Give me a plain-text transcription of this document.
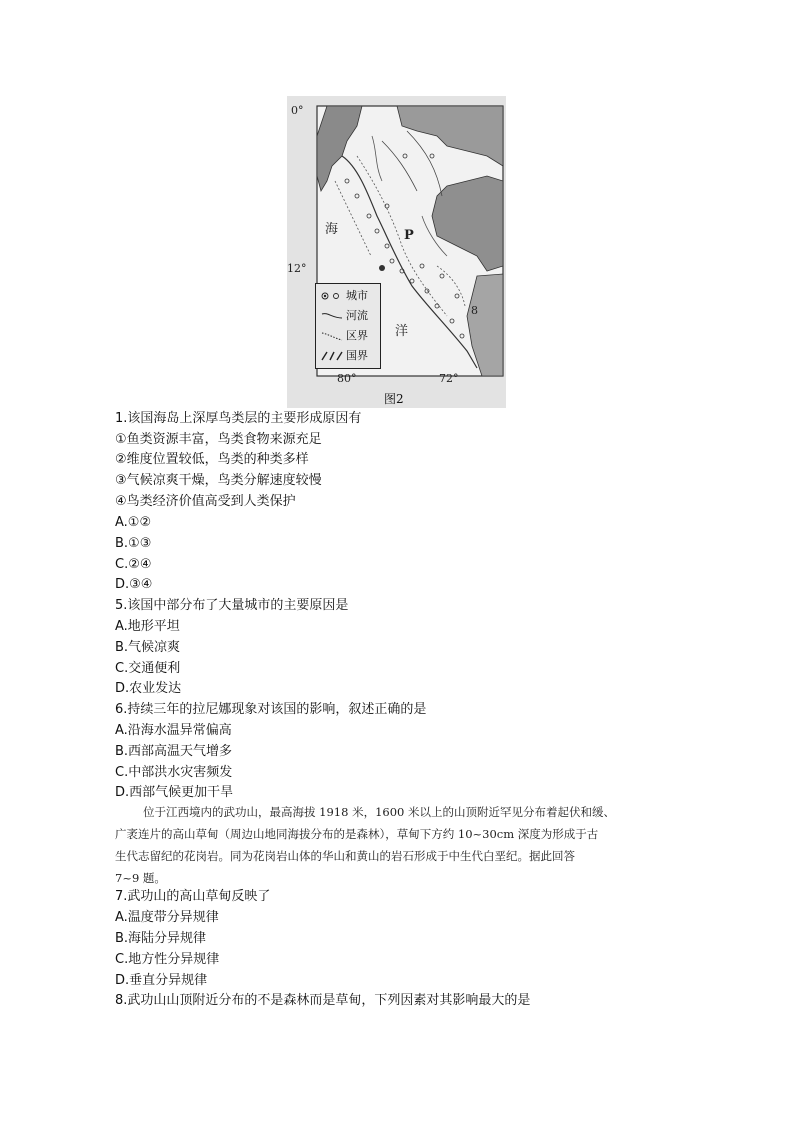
0°
12°
80°	72°
海
洋
P
8
城市
河流
区界
国界
图2
1.该国海岛上深厚鸟类层的主要形成原因有
①鱼类资源丰富，鸟类食物来源充足
②维度位置较低，鸟类的种类多样
③气候凉爽干燥，鸟类分解速度较慢
④鸟类经济价值高受到人类保护
A.①②
B.①③
C.②④
D.③④
5.该国中部分布了大量城市的主要原因是
A.地形平坦
B.气候凉爽
C.交通便利
D.农业发达
6.持续三年的拉尼娜现象对该国的影响，叙述正确的是
A.沿海水温异常偏高
B.西部高温天气增多
C.中部洪水灾害频发
D.西部气候更加干旱
位于江西境内的武功山，最高海拔 1918 米，1600 米以上的山顶附近罕见分布着起伏和缓、
广袤连片的高山草甸（周边山地同海拔分布的是森林），草甸下方约 10~30cm 深度为形成于古
生代志留纪的花岗岩。同为花岗岩山体的华山和黄山的岩石形成于中生代白垩纪。据此回答
7~9 题。
7.武功山的高山草甸反映了
A.温度带分异规律
B.海陆分异规律
C.地方性分异规律
D.垂直分异规律
8.武功山山顶附近分布的不是森林而是草甸，下列因素对其影响最大的是
